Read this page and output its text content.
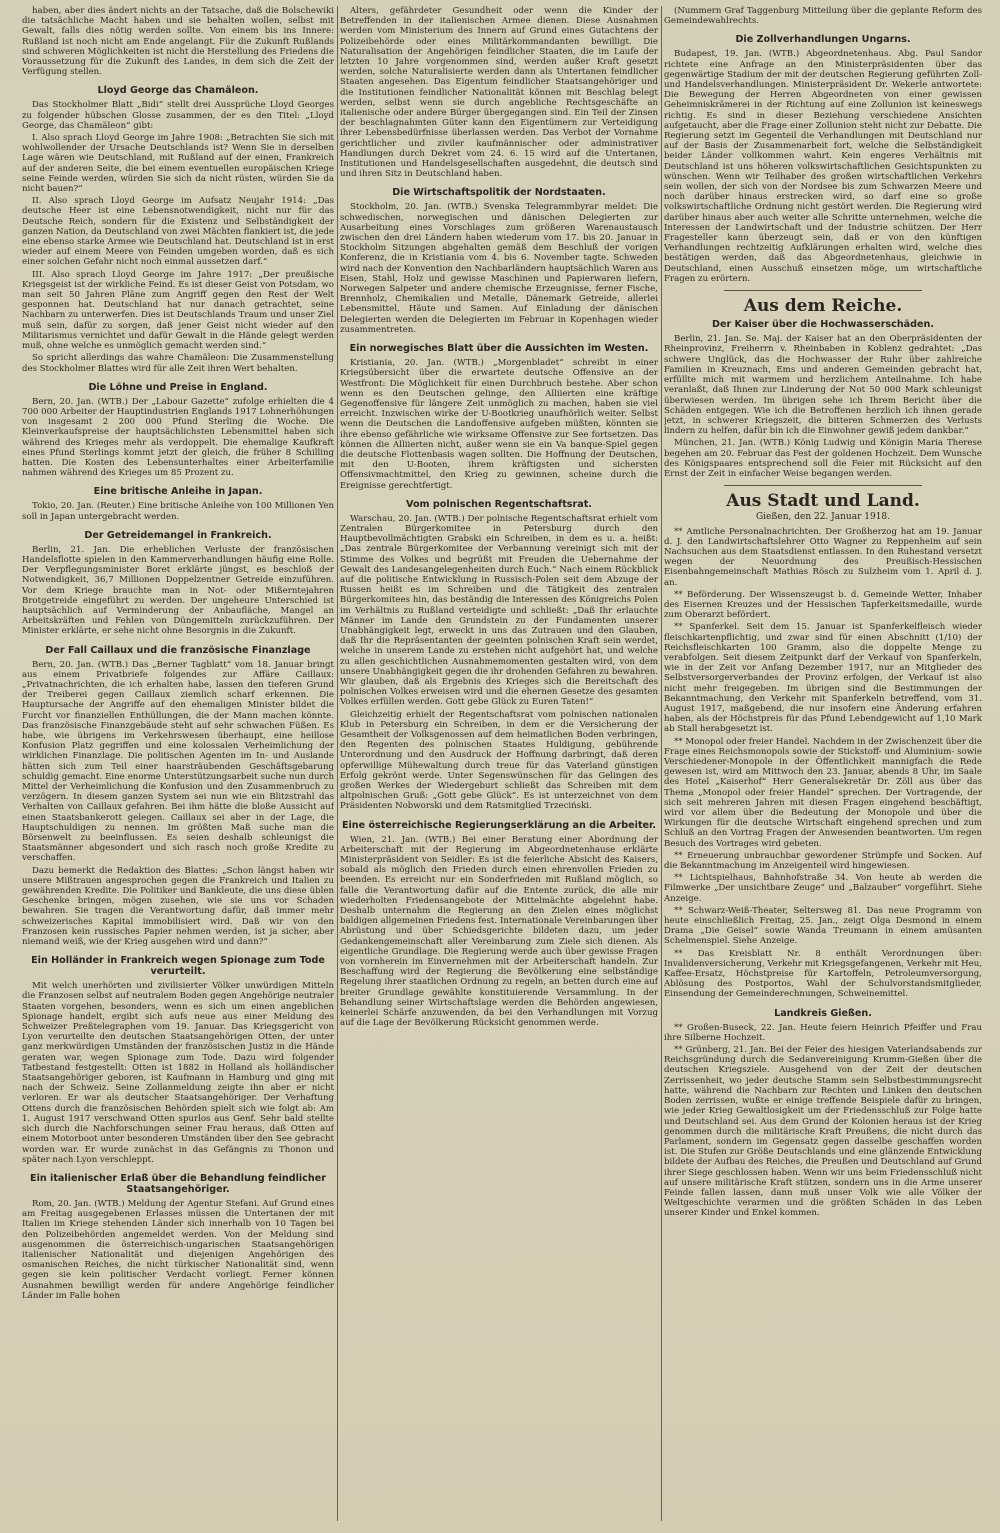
haben, aber dies ändert nichts an der Tatsache, daß die Bolschewiki die tatsächliche Macht haben und sie behalten wollen, selbst mit Gewalt, falls dies nötig werden sollte. Von einem bis ins Innere: Rußland ist noch nicht am Ende angelangt. Für die Zukunft Rußlands sind schweren Möglichkeiten ist nicht die Herstellung des Friedens die Voraussetzung für die Zukunft des Landes, in dem sich die Zeit der Verfügung stellen.

Lloyd George das Chamäleon.

Das Stockholmer Blatt „Bidi“ stellt drei Aussprüche Lloyd Georges zu folgender hübschen Glosse zusammen, der es den Titel: „Lloyd George, das Chamäleon“ gibt:

I. Also sprach Lloyd George im Jahre 1908: „Betrachten Sie sich mit wohlwollender der Ursache Deutschlands ist? Wenn Sie in derselben Lage wären wie Deutschland, mit Rußland auf der einen, Frankreich auf der anderen Seite, die bei einem eventuellen europäischen Kriege seine Feinde werden, würden Sie sich da nicht rüsten, würden Sie da nicht bauen?“

II. Also sprach Lloyd George im Aufsatz Neujahr 1914: „Das deutsche Heer ist eine Lebensnotwendigkeit, nicht nur für das Deutsche Reich, sondern für die Existenz und Selbständigkeit der ganzen Nation, da Deutschland von zwei Mächten flankiert ist, die jede eine ebenso starke Armee wie Deutschland hat. Deutschland ist in erst wieder auf einem Meere von Feinden umgeben worden, daß es sich einer solchen Gefahr nicht noch einmal aussetzen darf.“

III. Also sprach Lloyd George im Jahre 1917: „Der preußische Kriegsgeist ist der wirkliche Feind. Es ist dieser Geist von Potsdam, wo man seit 50 Jahren Pläne zum Angriff gegen den Rest der Welt gesponnen hat. Deutschland hat nur danach getrachtet, seine Nachbarn zu unterwerfen. Dies ist Deutschlands Traum und unser Ziel muß sein, dafür zu sorgen, daß jener Geist nicht wieder auf den Militarismus vernichtet und dafür Gewalt in die Hände gelegt werden muß, ohne welche es unmöglich gemacht werden sind.“

So spricht allerdings das wahre Chamäleon: Die Zusammenstellung des Stockholmer Blattes wird für alle Zeit ihren Wert behalten.

Die Löhne und Preise in England.

Bern, 20. Jan. (WTB.) Der „Labour Gazette“ zufolge erhielten die 4 700 000 Arbeiter der Hauptindustrien Englands 1917 Lohnerhöhungen von insgesamt 2 200 000 Pfund Sterling die Woche. Die Kleinverkaufspreise der hauptsächlichsten Lebensmittel haben sich während des Krieges mehr als verdoppelt. Die ehemalige Kaufkraft eines Pfund Sterlings kommt jetzt der gleich, die früher 8 Schilling hatten. Die Kosten des Lebensunterhaltes einer Arbeiterfamilie nahmen während des Krieges um 85 Prozent zu.

Eine britische Anleihe in Japan.

Tokio, 20. Jan. (Reuter.) Eine britische Anleihe von 100 Millionen Yen soll in Japan untergebracht werden.

Der Getreidemangel in Frankreich.

Berlin, 21. Jan. Die erheblichen Verluste der französischen Handelsflotte spielen in den Kammerverhandlungen häufig eine Rolle. Der Verpflegungsminister Boret erklärte jüngst, es beschloß der Notwendigkeit, 36,7 Millionen Doppelzentner Getreide einzuführen. Vor dem Kriege brauchte man in Not- oder Mißerntejahren Brotgetreide eingeführt zu werden. Der ungeheure Unterschied ist hauptsächlich auf Verminderung der Anbaufläche, Mangel an Arbeitskräften und Fehlen von Düngemitteln zurückzuführen. Der Minister erklärte, er sehe nicht ohne Besorgnis in die Zukunft.

Der Fall Caillaux und die französische Finanzlage

Bern, 20. Jan. (WTB.) Das „Berner Tagblatt“ vom 18. Januar bringt aus einem Privatbriefe folgendes zur Affäre Caillaux: „Privatnachrichten, die ich erhalten habe, lassen den tieferen Grund der Treiberei gegen Caillaux ziemlich scharf erkennen. Die Hauptursache der Angriffe auf den ehemaligen Minister bildet die Furcht vor finanziellen Enthüllungen, die der Mann machen könnte. Das französische Finanzgebäude steht auf sehr schwachen Füßen. Es habe, wie übrigens im Verkehrswesen überhaupt, eine heillose Konfusion Platz gegriffen und eine kolossalen Verheimlichung der wirklichen Finanzlage. Die politischen Agenten im In- und Auslande hätten sich zum Teil einer haarsträubenden Geschäftsgebarung schuldig gemacht. Eine enorme Unterstützungsarbeit suche nun durch Mittel der Verheimlichung die Konfusion und den Zusammenbruch zu verzögern. In diesem ganzen System sei nun wie ein Blitzstrahl das Verhalten von Caillaux gefahren. Bei ihm hätte die bloße Aussicht auf einen Staatsbankerott gelegen. Caillaux sei aber in der Lage, die Hauptschuldigen zu nennen. Im größten Maß suche man die Börsenwelt zu beeinflussen. Es seien deshalb schleunigst die Staatsmänner abgesondert und sich rasch noch große Kredite zu verschaffen.

Dazu bemerkt die Redaktion des Blattes: „Schon längst haben wir unsere Mißtrauen angesprochen gegen die Frankreich und Italien zu gewährenden Kredite. Die Politiker und Bankleute, die uns diese üblen Geschenke bringen, mögen zusehen, wie sie uns vor Schaden bewahren. Sie tragen die Verantwortung dafür, daß immer mehr schweizerisches Kapital immobilisiert wird. Daß wir von den Franzosen kein russisches Papier nehmen werden, ist ja sicher, aber niemand weiß, wie der Krieg ausgehen wird und dann?“

Ein Holländer in Frankreich wegen Spionage zum Tode verurteilt.

Mit welch unerhörten und zivilisierter Völker unwürdigen Mitteln die Franzosen selbst auf neutralem Boden gegen Angehörige neutraler Staaten vorgehen, besonders, wenn es sich um einen angeblichen Spionage handelt, ergibt sich aufs neue aus einer Meldung des Schweizer Preßtelegraphen vom 19. Januar. Das Kriegsgericht von Lyon verurteilte den deutschen Staatsangehörigen Otten, der unter ganz merkwürdigen Umständen der französischen Justiz in die Hände geraten war, wegen Spionage zum Tode. Dazu wird folgender Tatbestand festgestellt: Otten ist 1882 in Holland als holländischer Staatsangehöriger geboren, ist Kaufmann in Hamburg und ging mit nach der Schweiz. Seine Zollanmeldung zeigte ihn aber er nicht verloren. Er war als deutscher Staatsangehöriger. Der Verhaftung Ottens durch die französischen Behörden spielt sich wie folgt ab: Am 1. August 1917 verschwand Otten spurlos aus Genf. Sehr bald stellte sich durch die Nachforschungen seiner Frau heraus, daß Otten auf einem Motorboot unter besonderen Umständen über den See gebracht worden war. Er wurde zunächst in das Gefängnis zu Thonon und später nach Lyon verschleppt.

Ein italienischer Erlaß über die Behandlung feindlicher Staatsangehöriger.

Rom, 20. Jan. (WTB.) Meldung der Agentur Stefani. Auf Grund eines am Freitag ausgegebenen Erlasses müssen die Untertanen der mit Italien im Kriege stehenden Länder sich innerhalb von 10 Tagen bei den Polizeibehörden angemeldet werden. Von der Meldung sind ausgenommen die österreichisch-ungarischen Staatsangehörigen italienischer Nationalität und diejenigen Angehörigen des osmanischen Reiches, die nicht türkischer Nationalität sind, wenn gegen sie kein politischer Verdacht vorliegt. Ferner können Ausnahmen bewilligt werden für andere Angehörige feindlicher Länder im Falle hohen

Alters, gefährdeter Gesundheit oder wenn die Kinder der Betreffenden in der italienischen Armee dienen. Diese Ausnahmen werden vom Ministerium des Innern auf Grund eines Gutachtens der Polizeibehörde oder eines Militärkommandanten bewilligt. Die Naturalisation der Angehörigen feindlicher Staaten, die im Laufe der letzten 10 Jahre vorgenommen sind, werden außer Kraft gesetzt werden, solche Naturalisierte werden dann als Untertanen feindlicher Staaten angesehen. Das Eigentum feindlicher Staatsangehöriger und die Institutionen feindlicher Nationalität können mit Beschlag belegt werden, selbst wenn sie durch angebliche Rechtsgeschäfte an italienische oder andere Bürger übergegangen sind. Ein Teil der Zinsen der beschlagnahmten Güter kann den Eigentümern zur Verteidigung ihrer Lebensbedürfnisse überlassen werden. Das Verbot der Vornahme gerichtlicher und ziviler kaufmännischer oder administrativer Handlungen durch Dekret vom 24. 6. 15 wird auf die Untertanen, Institutionen und Handelsgesellschaften ausgedehnt, die deutsch sind und ihren Sitz in Deutschland haben.

Die Wirtschaftspolitik der Nordstaaten.

Stockholm, 20. Jan. (WTB.) Svenska Telegrammbyrar meldet: Die schwedischen, norwegischen und dänischen Delegierten zur Ausarbeitung eines Vorschlages zum größeren Warenaustausch zwischen den drei Ländern haben wiederum vom 17. bis 20. Januar in Stockholm Sitzungen abgehalten gemäß dem Beschluß der vorigen Konferenz, die in Kristiania vom 4. bis 6. November tagte. Schweden wird nach der Konvention den Nachbarländern hauptsächlich Waren aus Eisen, Stahl, Holz und gewisse Maschinen und Papierwaren liefern, Norwegen Salpeter und andere chemische Erzeugnisse, ferner Fische, Brennholz, Chemikalien und Metalle, Dänemark Getreide, allerlei Lebensmittel, Häute und Samen. Auf Einladung der dänischen Delegierten werden die Delegierten im Februar in Kopenhagen wieder zusammentreten.

Ein norwegisches Blatt über die Aussichten im Westen.

Kristiania, 20. Jan. (WTB.) „Morgenbladet“ schreibt in einer Kriegsübersicht über die erwartete deutsche Offensive an der Westfront: Die Möglichkeit für einen Durchbruch bestehe. Aber schon wenn es den Deutschen gelinge, den Alliierten eine kräftige Gegenoffensive für längere Zeit unmöglich zu machen, haben sie viel erreicht. Inzwischen wirke der U-Bootkrieg unaufhörlich weiter. Selbst wenn die Deutschen die Landoffensive aufgeben müßten, könnten sie ihre ebenso gefährliche wie wirksame Offensive zur See fortsetzen. Das können die Alliierten nicht, außer wenn sie ein Va banque-Spiel gegen die deutsche Flottenbasis wagen sollten. Die Hoffnung der Deutschen, mit den U-Booten, ihrem kräftigsten und sichersten Offensivmachtmittel, den Krieg zu gewinnen, scheine durch die Ereignisse gerechtfertigt.

Vom polnischen Regentschaftsrat.

Warschau, 20. Jan. (WTB.) Der polnische Regentschaftsrat erhielt vom Zentralen Bürgerkomitee in Petersburg durch den Hauptbevollmächtigten Grabski ein Schreiben, in dem es u. a. heißt: „Das zentrale Bürgerkomitee der Verbannung vereinigt sich mit der Stimme des Volkes und begrüßt mit Freuden die Uebernahme der Gewalt des Landesangelegenheiten durch Euch.“ Nach einem Rückblick auf die politische Entwicklung in Russisch-Polen seit dem Abzuge der Russen heißt es im Schreiben und die Tätigkeit des zentralen Bürgerkomitees hin, das beständig die Interessen des Königreichs Polen im Verhältnis zu Rußland verteidigte und schließt: „Daß Ihr erlauchte Männer im Lande den Grundstein zu der Fundamenten unserer Unabhängigkeit legt, erweckt in uns das Zutrauen und den Glauben, daß Ihr die Repräsentanten der geeinten polnischen Kraft sein werdet, welche in unserem Lande zu erstehen nicht aufgehört hat, und welche zu allen geschichtlichen Ausnahmemomenten gestalten wird, von dem unsere Unabhängigkeit gegen die ihr drohenden Gefahren zu bewahren. Wir glauben, daß als Ergebnis des Krieges sich die Bereitschaft des polnischen Volkes erweisen wird und die ehernen Gesetze des gesamten Volkes erfüllen werden. Gott gebe Glück zu Euren Taten!“

Gleichzeitig erhielt der Regentschaftsrat vom polnischen nationalen Klub in Petersburg ein Schreiben, in dem er die Versicherung der Gesamtheit der Volksgenossen auf dem heimatlichen Boden verbringen, den Regenten des polnischen Staates Huldigung, gebührende Unterordnung und den Ausdruck der Hoffnung darbringt, daß deren opferwillige Mühewaltung durch treue für das Vaterland günstigen Erfolg gekrönt werde. Unter Segenswünschen für das Gelingen des großen Werkes der Wiedergeburt schließt das Schreiben mit dem altpolnischen Gruß: „Gott gebe Glück“. Es ist unterzeichnet von dem Präsidenten Nobworski und dem Ratsmitglied Trzeciński.

Eine österreichische Regierungserklärung an die Arbeiter.

Wien, 21. Jan. (WTB.) Bei einer Beratung einer Abordnung der Arbeiterschaft mit der Regierung im Abgeordnetenhause erklärte Ministerpräsident von Seidler: Es ist die feierliche Absicht des Kaisers, sobald als möglich den Frieden durch einen ehrenvollen Frieden zu beenden. Es erreicht nur ein Sonderfrieden mit Rußland möglich, so falle die Verantwortung dafür auf die Entente zurück, die alle mir wiederholten Friedensangebote der Mittelmächte abgelehnt habe. Deshalb unternahm die Regierung an den Zielen eines möglichst baldigen allgemeinen Friedens fest. Internationale Vereinbarungen über Abrüstung und über Schiedsgerichte bildeten dazu, um jeder Gedankengemeinschaft aller Vereinbarung zum Ziele sich dienen. Als eigentliche Grundlage. Die Regierung werde auch über gewisse Fragen von vornherein im Einvernehmen mit der Arbeiterschaft handeln. Zur Beschaffung wird der Regierung die Bevölkerung eine selbständige Regelung ihrer staatlichen Ordnung zu regeln, an betten durch eine auf breiter Grundlage gewählte konstituierende Versammlung. In der Behandlung seiner Wirtschaftslage werden die Behörden angewiesen, keinerlei Schärfe anzuwenden, da bei den Verhandlungen mit Vorzug auf die Lage der Bevölkerung Rücksicht genommen werde.

(Nummern Graf Taggenburg Mitteilung über die geplante Reform des Gemeindewahlrechts.

Die Zollverhandlungen Ungarns.

Budapest, 19. Jan. (WTB.) Abgeordnetenhaus. Abg. Paul Sandor richtete eine Anfrage an den Ministerpräsidenten über das gegenwärtige Stadium der mit der deutschen Regierung geführten Zoll- und Handelsverhandlungen. Ministerpräsident Dr. Wekerle antwortete: Die Bewegung der Herren Abgeordneten von einer gewissen Geheimniskrämerei in der Richtung auf eine Zollunion ist keineswegs richtig. Es sind in dieser Beziehung verschiedene Ansichten aufgetaucht, aber die Frage einer Zollunion steht nicht zur Debatte. Die Regierung setzt im Gegenteil die Verhandlungen mit Deutschland nur auf der Basis der Zusammenarbeit fort, welche die Selbständigkeit beider Länder vollkommen wahrt. Kein engeres Verhältnis mit Deutschland ist uns höheren volkswirtschaftlichen Gesichtspunkten zu wünschen. Wenn wir Teilhaber des großen wirtschaftlichen Verkehrs sein wollen, der sich von der Nordsee bis zum Schwarzen Meere und noch darüber hinaus erstrecken wird, so darf eine so große volkswirtschaftliche Ordnung nicht gestört werden. Die Regierung wird darüber hinaus aber auch weiter alle Schritte unternehmen, welche die Interessen der Landwirtschaft und der Industrie schützen. Der Herr Fragesteller kann überzeugt sein, daß er von den künftigen Verhandlungen rechtzeitig Aufklärungen erhalten wird, welche dies bestätigen werden, daß das Abgeordnetenhaus, gleichwie in Deutschland, einen Ausschuß einsetzen möge, um wirtschaftliche Fragen zu erörtern.

Aus dem Reiche.
Der Kaiser über die Hochwasserschäden.

Berlin, 21. Jan. Se. Maj. der Kaiser hat an den Oberpräsidenten der Rheinprovinz, Freiherrn v. Rheinbaben in Koblenz gedrahtet: „Das schwere Unglück, das die Hochwasser der Ruhr über zahlreiche Familien in Kreuznach, Ems und anderen Gemeinden gebracht hat, erfüllte mich mit warmem und herzlichem Anteilnahme. Ich habe veranlaßt, daß Ihnen zur Linderung der Not 50 000 Mark schleunigst überwiesen werden. Im übrigen sehe ich Ihrem Bericht über die Schäden entgegen. Wie ich die Betroffenen herzlich ich ihnen gerade jetzt, in schwerer Kriegszeit, die bitteren Schmerzen des Verlusts lindern zu helfen, dafür bin ich die Einwohner gewiß jedem dankbar.“

München, 21. Jan. (WTB.) König Ludwig und Königin Maria Therese begehen am 20. Februar das Fest der goldenen Hochzeit. Dem Wunsche des Königspaares entsprechend soll die Feier mit Rücksicht auf den Ernst der Zeit in einfacher Weise begangen werden.

Aus Stadt und Land.
Gießen, den 22. Januar 1918.

** Amtliche Personalnachrichten. Der Großherzog hat am 19. Januar d. J. den Landwirtschaftslehrer Otto Wagner zu Reppenheim auf sein Nachsuchen aus dem Staatsdienst entlassen. In den Ruhestand versetzt wegen der Neuordnung des Preußisch-Hessischen Eisenbahngemeinschaft Mathias Rösch zu Sulzheim vom 1. April d. J. an.

** Beförderung. Der Wissenszeugst b. d. Gemeinde Wetter, Inhaber des Eisernen Kreuzes und der Hessischen Tapferkeitsmedaille, wurde zum Oberarzt befördert.

** Spanferkel. Seit dem 15. Januar ist Spanferkelfleisch wieder fleischkartenpflichtig, und zwar sind für einen Abschnitt (1/10) der Reichsfleischkarten 100 Gramm, also die doppelte Menge zu verabfolgen. Seit diesem Zeitpunkt darf der Verkauf von Spanferkeln, wie in der Zeit vor Anfang Dezember 1917, nur an Mitglieder des Selbstversorgerverbandes der Provinz erfolgen, der Verkauf ist also nicht mehr freigegeben. Im übrigen sind die Bestimmungen der Bekanntmachung, den Verkehr mit Spanferkeln betreffend, vom 31. August 1917, maßgebend, die nur insofern eine Änderung erfahren haben, als der Höchstpreis für das Pfund Lebendgewicht auf 1,10 Mark ab Stall herabgesetzt ist.

** Monopol oder freier Handel. Nachdem in der Zwischenzeit über die Frage eines Reichsmonopols sowie der Stickstoff- und Aluminium- sowie Verschiedener-Monopole in der Öffentlichkeit mannigfach die Rede gewesen ist, wird am Mittwoch den 23. Januar, abends 8 Uhr, im Saale des Hotel „Kaiserhof“ Herr Generalsekretär Dr. Zöll aus über das Thema „Monopol oder freier Handel“ sprechen. Der Vortragende, der sich seit mehreren Jahren mit diesen Fragen eingehend beschäftigt, wird vor allem über die Bedeutung der Monopole und über die Wirkungen für die deutsche Wirtschaft eingehend sprechen und zum Schluß an den Vortrag Fragen der Anwesenden beantworten. Um regen Besuch des Vortrages wird gebeten.

** Erneuerung unbrauchbar gewordener Strümpfe und Socken. Auf die Bekanntmachung im Anzeigenteil wird hingewiesen.

** Lichtspielhaus, Bahnhofstraße 34. Von heute ab werden die Filmwerke „Der unsichtbare Zeuge“ und „Balzauber“ vorgeführt. Siehe Anzeige.

** Schwarz-Weiß-Theater, Seltersweg 81. Das neue Programm von heute einschließlich Freitag, 25. Jan., zeigt Olga Desmond in einem Drama „Die Geisel“ sowie Wanda Treumann in einem amüsanten Schelmenspiel. Siehe Anzeige.

** Das Kreisblatt Nr. 8 enthält Verordnungen über: Invalidenversicherung, Verkehr mit Kriegsgefangenen, Verkehr mit Heu, Kaffee-Ersatz, Höchstpreise für Kartoffeln, Petroleumversorgung, Ablösung des Postportos, Wahl der Schulvorstandsmitglieder, Einsendung der Gemeinderechnungen, Schweinemittel.

Landkreis Gießen.

** Großen-Buseck, 22. Jan. Heute feiern Heinrich Pfeiffer und Frau ihre Silberne Hochzeit.

** Grünberg, 21. Jan. Bei der Feier des hiesigen Vaterlandsabends zur Reichsgründung durch die Sedanvereinigung Krumm-Gießen über die deutschen Kriegsziele. Ausgehend von der Zeit der deutschen Zerrissenheit, wo jeder deutsche Stamm sein Selbstbestimmungsrecht hatte, während die Nachbarn zur Rechten und Linken den deutschen Boden zerrissen, wußte er einige treffende Beispiele dafür zu bringen, wie jeder Krieg Gewaltlosigkeit um der Friedensschluß zur Folge hatte und Deutschland sei. Aus dem Grund der Kolonien heraus ist der Krieg genommen durch die militärische Kraft Preußens, die nicht durch das Parlament, sondern im Gegensatz gegen dasselbe geschaffen worden ist. Die Stufen zur Größe Deutschlands und eine glänzende Entwicklung bildete der Aufbau des Reiches, die Preußen und Deutschland auf Grund ihrer Siege geschlossen haben. Wenn wir uns beim Friedensschluß nicht auf unsere militärische Kraft stützen, sondern uns in die Arme unserer Feinde fallen lassen, dann muß unser Volk wie alle Völker der Weltgeschichte verarmen und die größten Schäden in das Leben unserer Kinder und Enkel kommen.
